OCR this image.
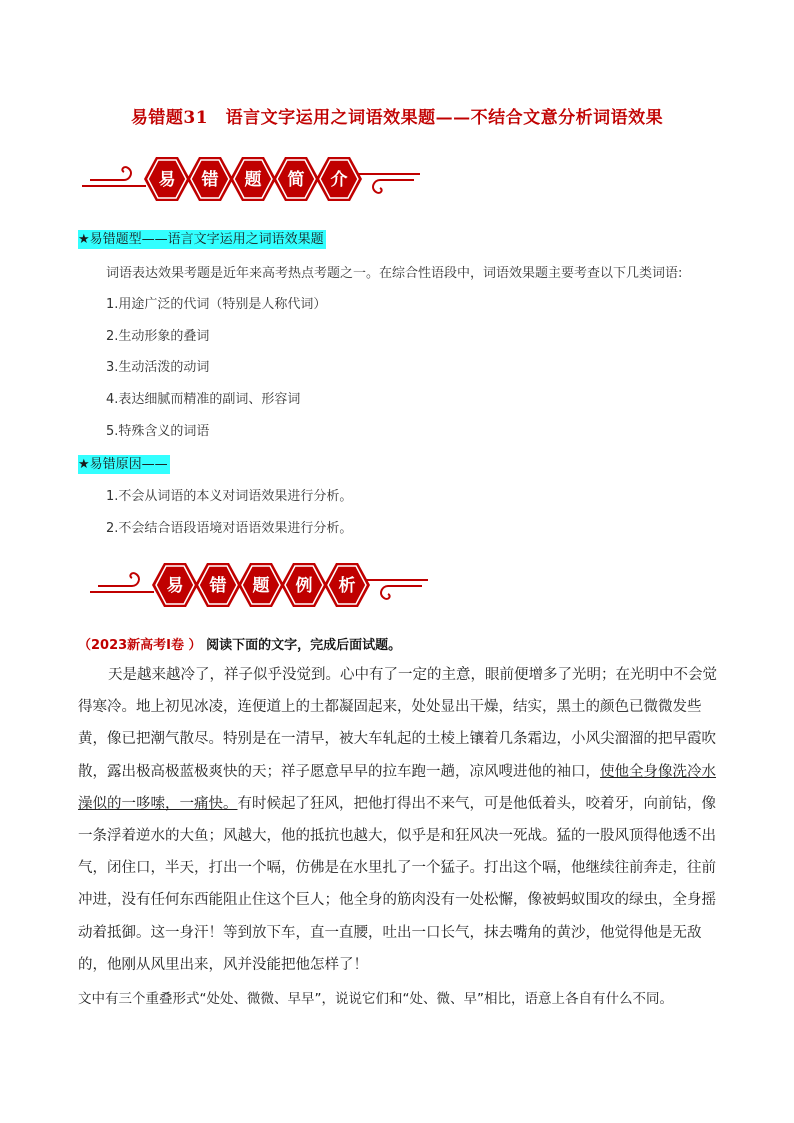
易错题31　语言文字运用之词语效果题——不结合文意分析词语效果
易 错 题 简 介
★易错题型——语言文字运用之词语效果题
词语表达效果考题是近年来高考热点考题之一。在综合性语段中，词语效果题主要考查以下几类词语:
1.用途广泛的代词（特别是人称代词）
2.生动形象的叠词
3.生动活泼的动词
4.表达细腻而精准的副词、形容词
5.特殊含义的词语
★易错原因——
1.不会从词语的本义对词语效果进行分析。
2.不会结合语段语境对语语效果进行分析。
易 错 题 例 析
（2023新高考Ⅰ卷 ） 阅读下面的文字，完成后面试题。
天是越来越冷了，祥子似乎没觉到。心中有了一定的主意，眼前便增多了光明；在光明中不会觉得寒冷。地上初见冰凌，连便道上的土都凝固起来，处处显出干燥，结实，黑土的颜色已微微发些黄，像已把潮气散尽。特别是在一清早，被大车轧起的土棱上镶着几条霜边，小风尖溜溜的把早霞吹散，露出极高极蓝极爽快的天；祥子愿意早早的拉车跑一趟，凉风嗖进他的袖口，使他全身像洗冷水澡似的一哆嗦，一痛快。有时候起了狂风，把他打得出不来气，可是他低着头，咬着牙，向前钻，像一条浮着逆水的大鱼；风越大，他的抵抗也越大，似乎是和狂风决一死战。猛的一股风顶得他透不出气，闭住口，半天，打出一个嗝，仿佛是在水里扎了一个猛子。打出这个嗝，他继续往前奔走，往前冲进，没有任何东西能阻止住这个巨人；他全身的筋肉没有一处松懈，像被蚂蚁围攻的绿虫，全身摇动着抵御。这一身汗！等到放下车，直一直腰，吐出一口长气，抹去嘴角的黄沙，他觉得他是无敌的，他刚从风里出来，风并没能把他怎样了！
文中有三个重叠形式“处处、微微、早早”，说说它们和“处、微、早”相比，语意上各自有什么不同。
